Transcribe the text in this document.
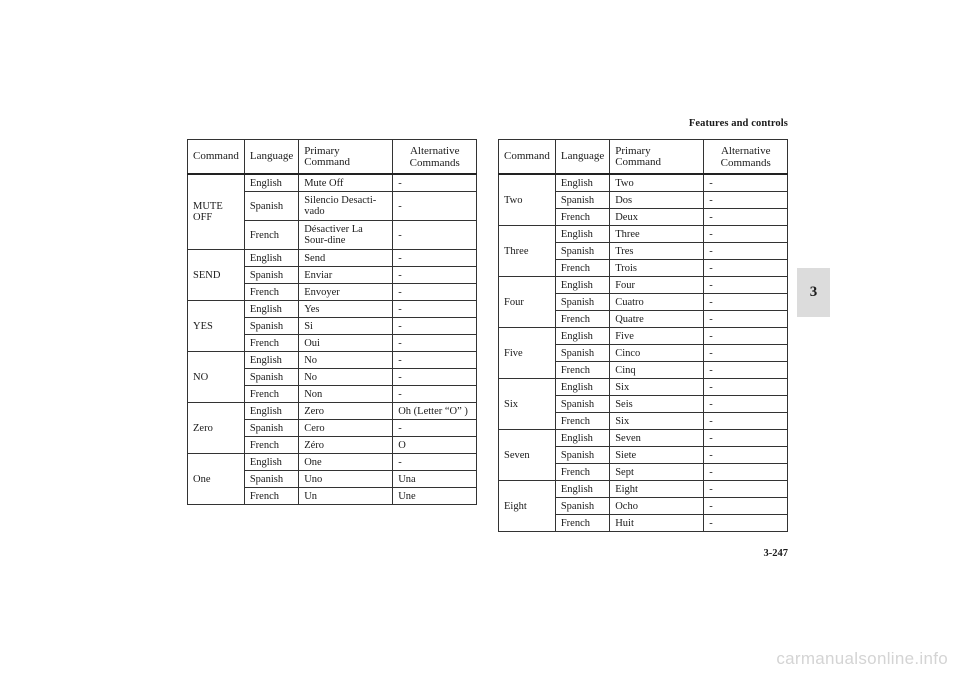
Features and controls
Command	Language	Primary Command	Alternative Commands
MUTE OFF	English	Mute Off	-
	Spanish	Silencio Desacti-vado	-
	French	Désactiver La Sour-dine	-
SEND	English	Send	-
	Spanish	Enviar	-
	French	Envoyer	-
YES	English	Yes	-
	Spanish	Si	-
	French	Oui	-
NO	English	No	-
	Spanish	No	-
	French	Non	-
Zero	English	Zero	Oh (Letter “O” )
	Spanish	Cero	-
	French	Zéro	O
One	English	One	-
	Spanish	Uno	Una
	French	Un	Une
Command	Language	Primary Command	Alternative Commands
Two	English	Two	-
	Spanish	Dos	-
	French	Deux	-
Three	English	Three	-
	Spanish	Tres	-
	French	Trois	-
Four	English	Four	-
	Spanish	Cuatro	-
	French	Quatre	-
Five	English	Five	-
	Spanish	Cinco	-
	French	Cinq	-
Six	English	Six	-
	Spanish	Seis	-
	French	Six	-
Seven	English	Seven	-
	Spanish	Siete	-
	French	Sept	-
Eight	English	Eight	-
	Spanish	Ocho	-
	French	Huit	-
3
3-247
carmanualsonline.info
